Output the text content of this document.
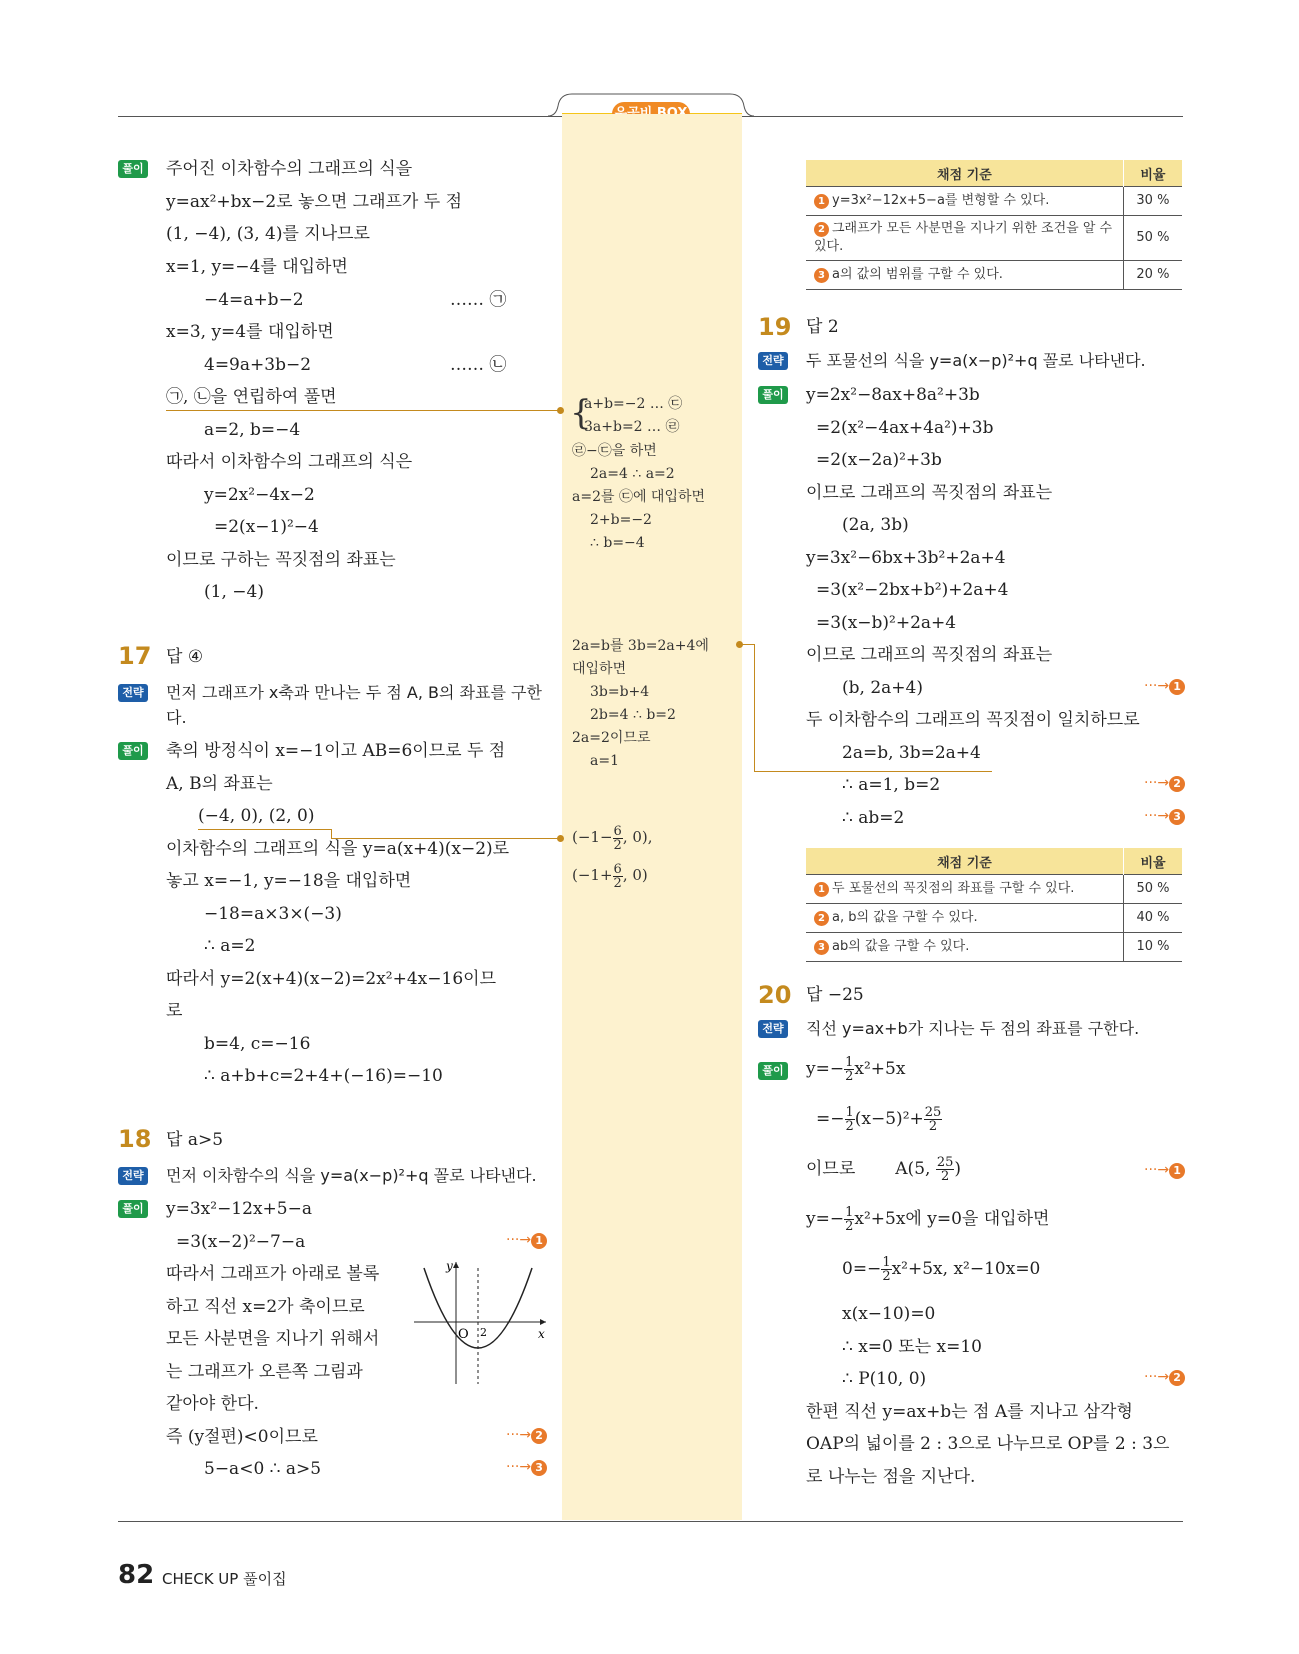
풀이 주어진 이차함수의 그래프의 식을
y=ax²+bx−2로 놓으면 그래프가 두 점
(1, −4), (3, 4)를 지나므로
x=1, y=−4를 대입하면
−4=a+b−2	…… ㉠
x=3, y=4를 대입하면
4=9a+3b−2	…… ㉡
㉠, ㉡을 연립하여 풀면
a=2, b=−4
따라서 이차함수의 그래프의 식은
y=2x²−4x−2
=2(x−1)²−4
이므로 구하는 꼭짓점의 좌표는
(1, −4)
17 답 ④
전략 먼저 그래프가 x축과 만나는 두 점 A, B의 좌표를 구한
다.
풀이 축의 방정식이 x=−1이고 AB=6이므로 두 점
A, B의 좌표는
(−4, 0), (2, 0)
이차함수의 그래프의 식을 y=a(x+4)(x−2)로
놓고 x=−1, y=−18을 대입하면
−18=a×3×(−3)
∴ a=2
따라서 y=2(x+4)(x−2)=2x²+4x−16이므
로
b=4, c=−16
∴ a+b+c=2+4+(−16)=−10
18 답 a>5
전략 먼저 이차함수의 식을 y=a(x−p)²+q 꼴로 나타낸다.
풀이 y=3x²−12x+5−a
=3(x−2)²−7−a	···→ 1
따라서 그래프가 아래로 볼록
하고 직선 x=2가 축이므로
모든 사분면을 지나기 위해서
는 그래프가 오른쪽 그림과
같아야 한다.
즉 (y절편)<0이므로	···→ 2
5−a<0 ∴ a>5	···→ 3
y
x
O 2
{
a+b=−2 … ㉢
3a+b=2 … ㉣
㉣−㉢을 하면
2a=4 ∴ a=2
a=2를 ㉢에 대입하면
2+b=−2
∴ b=−4
2a=b를 3b=2a+4에
대입하면
3b=b+4
2b=4 ∴ b=2
2a=2이므로
a=1
($-1- \frac{6}{2}$ , 0),
($-1+ \frac{6}{2}$ , 0)
채점 기준	비율
1 y=3x²−12x+5−a를 변형할 수 있다.	30 %
2 그래프가 모든 사분면을 지나기 위한 조건을 알 수 있다.	50 %
3 a의 값의 범위를 구할 수 있다.	20 %
19 답 2
전략 두 포물선의 식을 y=a(x−p)²+q 꼴로 나타낸다.
풀이 y=2x²−8ax+8a²+3b
=2(x²−4ax+4a²)+3b
=2(x−2a)²+3b
이므로 그래프의 꼭짓점의 좌표는
(2a, 3b)
y=3x²−6bx+3b²+2a+4
=3(x²−2bx+b²)+2a+4
=3(x−b)²+2a+4
이므로 그래프의 꼭짓점의 좌표는
(b, 2a+4)	···→ 1
두 이차함수의 그래프의 꼭짓점이 일치하므로
2a=b, 3b=2a+4
∴ a=1, b=2	···→ 2
∴ ab=2	···→ 3
채점 기준	비율
1 두 포물선의 꼭짓점의 좌표를 구할 수 있다.	50 %
2 a, b의 값을 구할 수 있다.	40 %
3 ab의 값을 구할 수 있다.	10 %
20 답 −25
전략 직선 y=ax+b가 지나는 두 점의 좌표를 구한다.
풀이 $y=- \frac{1}{2} x^2+5x$
=− $\frac{1}{2} (x-5)^2+ \frac{25}{2}$
이므로 A(5, $\frac{25}{2}$ )	···→ 1
$y=- \frac{1}{2} x^2+5x$에 y=0을 대입하면
$0=- \frac{1}{2} x^2+5x$, x²−10x=0
x(x−10)=0
∴ x=0 또는 x=10
∴ P(10, 0)	···→ 2
한편 직선 y=ax+b는 점 A를 지나고 삼각형
OAP의 넓이를 2 : 3으로 나누므로 OP를 2 : 3으
로 나누는 점을 지난다.
82 CHECK UP 풀이집
